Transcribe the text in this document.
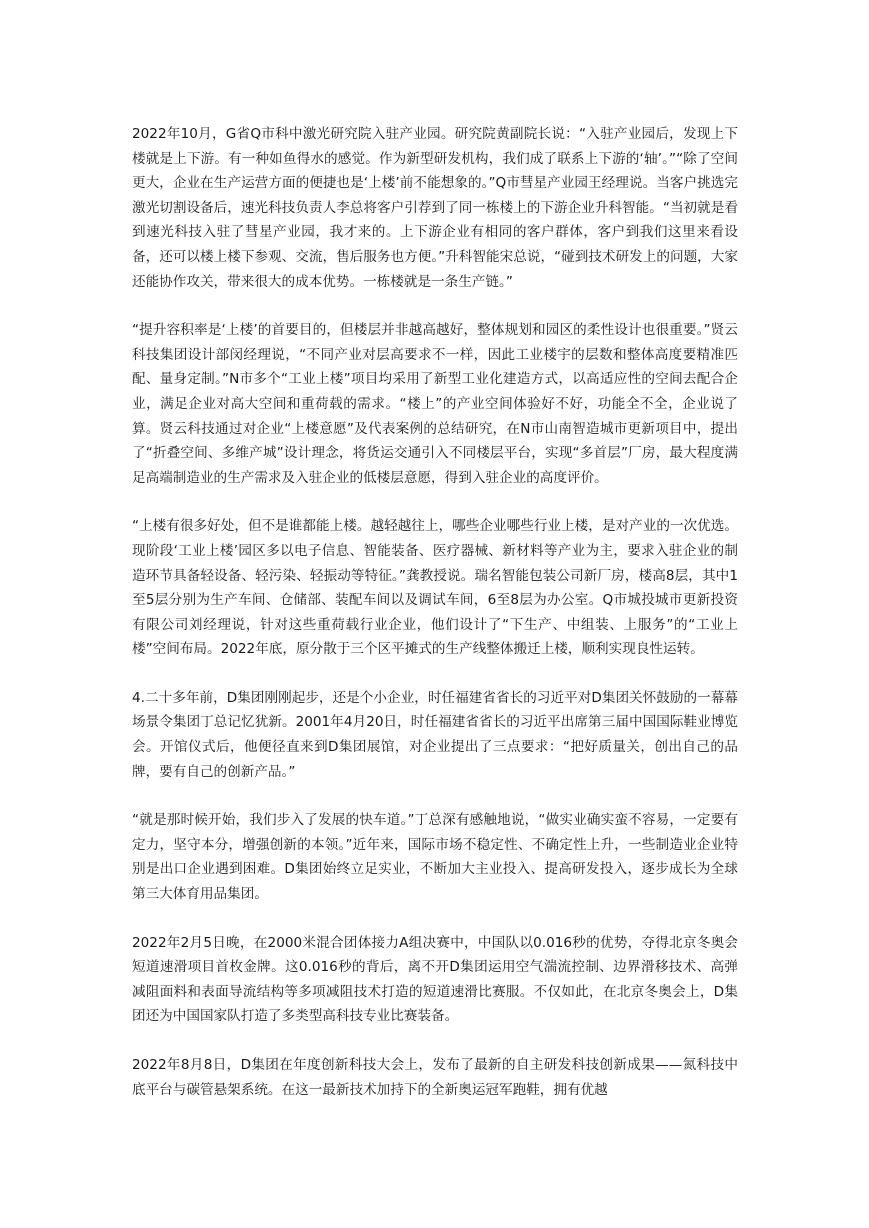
2022年10月，G省Q市科中激光研究院入驻产业园。研究院黄副院长说：“入驻产业园后，发现上下楼就是上下游。有一种如鱼得水的感觉。作为新型研发机构，我们成了联系上下游的‘轴’。”“除了空间更大，企业在生产运营方面的便捷也是‘上楼’前不能想象的。”Q市彗星产业园王经理说。当客户挑选完激光切割设备后，速光科技负责人李总将客户引荐到了同一栋楼上的下游企业升科智能。“当初就是看到速光科技入驻了彗星产业园，我才来的。上下游企业有相同的客户群体，客户到我们这里来看设备，还可以楼上楼下参观、交流，售后服务也方便。”升科智能宋总说，“碰到技术研发上的问题，大家还能协作攻关，带来很大的成本优势。一栋楼就是一条生产链。”

“提升容积率是‘上楼’的首要目的，但楼层并非越高越好，整体规划和园区的柔性设计也很重要。”贤云科技集团设计部闵经理说，“不同产业对层高要求不一样，因此工业楼宇的层数和整体高度要精准匹配、量身定制。”N市多个“工业上楼”项目均采用了新型工业化建造方式，以高适应性的空间去配合企业，满足企业对高大空间和重荷载的需求。“楼上”的产业空间体验好不好，功能全不全，企业说了算。贤云科技通过对企业“上楼意愿”及代表案例的总结研究，在N市山南智造城市更新项目中，提出了“折叠空间、多维产城”设计理念，将货运交通引入不同楼层平台，实现“多首层”厂房，最大程度满足高端制造业的生产需求及入驻企业的低楼层意愿，得到入驻企业的高度评价。

“上楼有很多好处，但不是谁都能上楼。越轻越往上，哪些企业哪些行业上楼，是对产业的一次优选。现阶段‘工业上楼’园区多以电子信息、智能装备、医疗器械、新材料等产业为主，要求入驻企业的制造环节具备轻设备、轻污染、轻振动等特征。”龚教授说。瑞名智能包装公司新厂房，楼高8层，其中1至5层分别为生产车间、仓储部、装配车间以及调试车间，6至8层为办公室。Q市城投城市更新投资有限公司刘经理说，针对这些重荷载行业企业，他们设计了“下生产、中组装、上服务”的“工业上楼”空间布局。2022年底，原分散于三个区平摊式的生产线整体搬迁上楼，顺利实现良性运转。

4.二十多年前，D集团刚刚起步，还是个小企业，时任福建省省长的习近平对D集团关怀鼓励的一幕幕场景令集团丁总记忆犹新。2001年4月20日，时任福建省省长的习近平出席第三届中国国际鞋业博览会。开馆仪式后，他便径直来到D集团展馆，对企业提出了三点要求：“把好质量关，创出自己的品牌，要有自己的创新产品。”

“就是那时候开始，我们步入了发展的快车道。”丁总深有感触地说，“做实业确实蛮不容易，一定要有定力，坚守本分，增强创新的本领。”近年来，国际市场不稳定性、不确定性上升，一些制造业企业特别是出口企业遇到困难。D集团始终立足实业，不断加大主业投入、提高研发投入，逐步成长为全球第三大体育用品集团。

2022年2月5日晚，在2000米混合团体接力A组决赛中，中国队以0.016秒的优势，夺得北京冬奥会短道速滑项目首枚金牌。这0.016秒的背后，离不开D集团运用空气湍流控制、边界滑移技术、高弹减阻面料和表面导流结构等多项减阻技术打造的短道速滑比赛服。不仅如此，在北京冬奥会上，D集团还为中国国家队打造了多类型高科技专业比赛装备。

2022年8月8日，D集团在年度创新科技大会上，发布了最新的自主研发科技创新成果——氮科技中底平台与碳管悬架系统。在这一最新技术加持下的全新奥运冠军跑鞋，拥有优越
